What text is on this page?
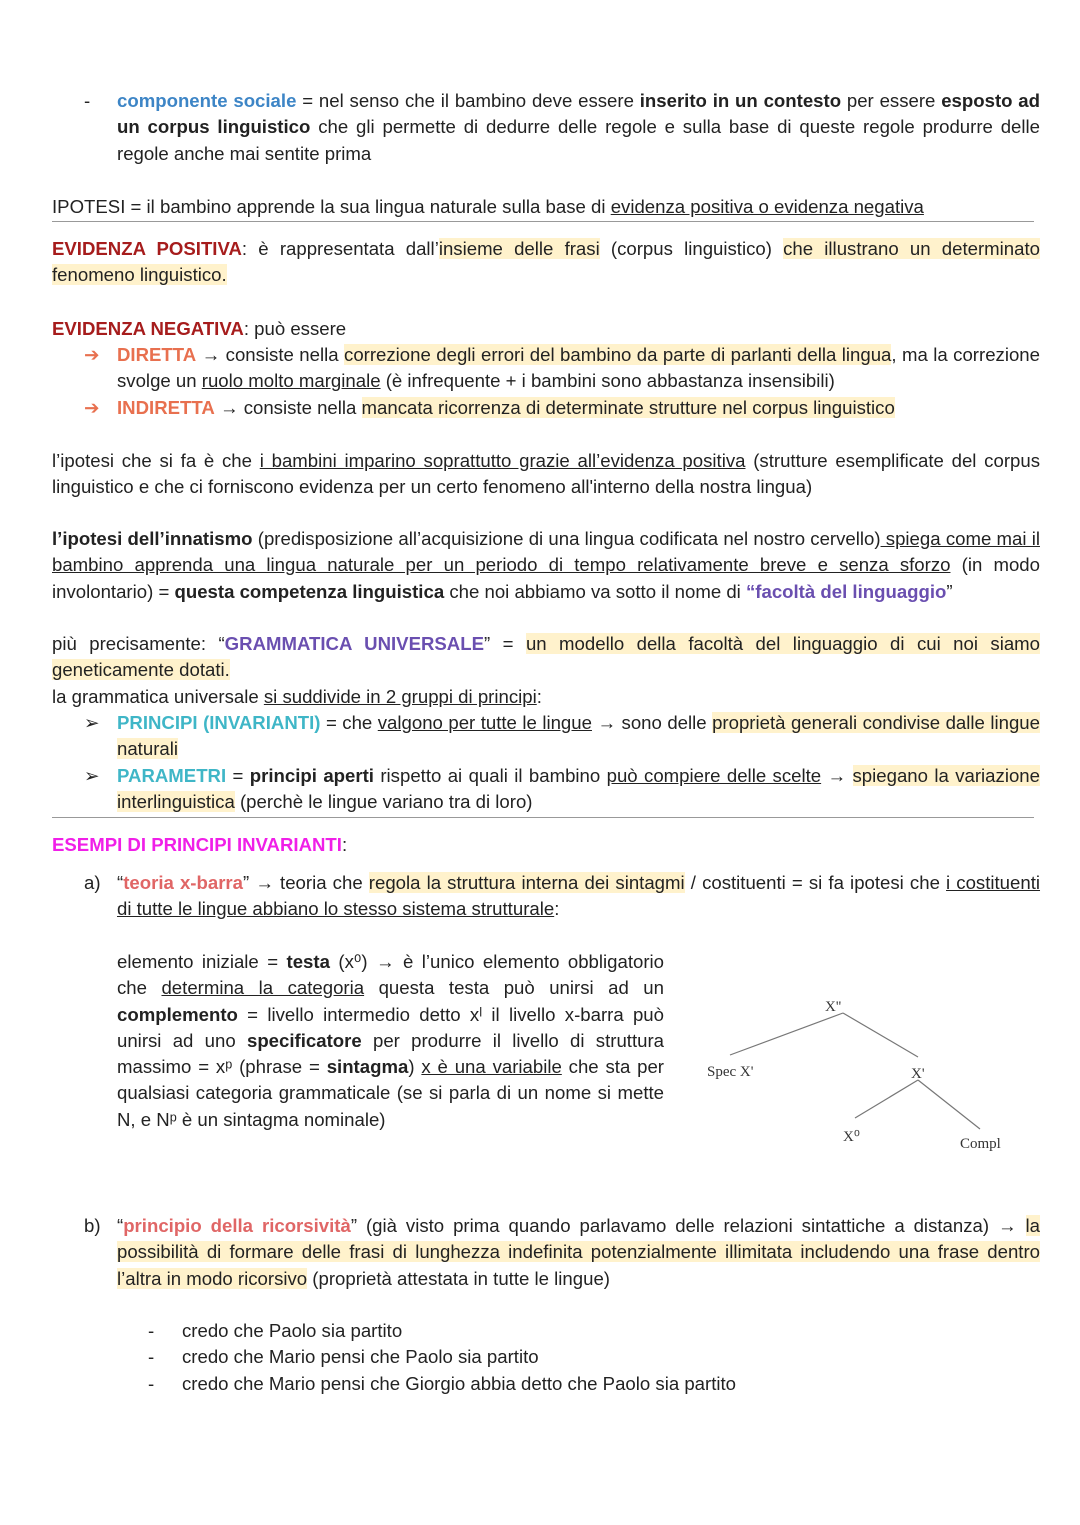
- componente sociale = nel senso che il bambino deve essere inserito in un contesto per essere esposto ad un corpus linguistico che gli permette di dedurre delle regole e sulla base di queste regole produrre delle regole anche mai sentite prima

IPOTESI = il bambino apprende la sua lingua naturale sulla base di evidenza positiva o evidenza negativa

EVIDENZA POSITIVA: è rappresentata dall’insieme delle frasi (corpus linguistico) che illustrano un determinato fenomeno linguistico.

EVIDENZA NEGATIVA: può essere

➔ DIRETTA → consiste nella correzione degli errori del bambino da parte di parlanti della lingua, ma la correzione svolge un ruolo molto marginale (è infrequente + i bambini sono abbastanza insensibili)

➔ INDIRETTA → consiste nella mancata ricorrenza di determinate strutture nel corpus linguistico

l’ipotesi che si fa è che i bambini imparino soprattutto grazie all’evidenza positiva (strutture esemplificate del corpus linguistico e che ci forniscono evidenza per un certo fenomeno all'interno della nostra lingua)

l’ipotesi dell’innatismo (predisposizione all’acquisizione di una lingua codificata nel nostro cervello) spiega come mai il bambino apprenda una lingua naturale per un periodo di tempo relativamente breve e senza sforzo (in modo involontario) = questa competenza linguistica che noi abbiamo va sotto il nome di “facoltà del linguaggio”

più precisamente: “GRAMMATICA UNIVERSALE” = un modello della facoltà del linguaggio di cui noi siamo geneticamente dotati.

la grammatica universale si suddivide in 2 gruppi di principi:

➢ PRINCIPI (INVARIANTI) = che valgono per tutte le lingue → sono delle proprietà generali condivise dalle lingue naturali

➢ PARAMETRI = principi aperti rispetto ai quali il bambino può compiere delle scelte → spiegano la variazione interlinguistica (perchè le lingue variano tra di loro)

ESEMPI DI PRINCIPI INVARIANTI:

a) “teoria x-barra” → teoria che regola la struttura interna dei sintagmi / costituenti = si fa ipotesi che i costituenti di tutte le lingue abbiano lo stesso sistema strutturale:

elemento iniziale = testa (x⁰) → è l’unico elemento obbligatorio che determina la categoria questa testa può unirsi ad un complemento = livello intermedio detto xˡ il livello x-barra può unirsi ad uno specificatore per produrre il livello di struttura massimo = xᵖ (phrase = sintagma) x è una variabile che sta per qualsiasi categoria grammaticale (se si parla di un nome si mette N, e Nᵖ è un sintagma nominale)

X''
Spec X'	X'
X⁰	Compl
b) “principio della ricorsività” (già visto prima quando parlavamo delle relazioni sintattiche a distanza) → la possibilità di formare delle frasi di lunghezza indefinita potenzialmente illimitata includendo una frase dentro l’altra in modo ricorsivo (proprietà attestata in tutte le lingue)

- credo che Paolo sia partito

- credo che Mario pensi che Paolo sia partito

- credo che Mario pensi che Giorgio abbia detto che Paolo sia partito
